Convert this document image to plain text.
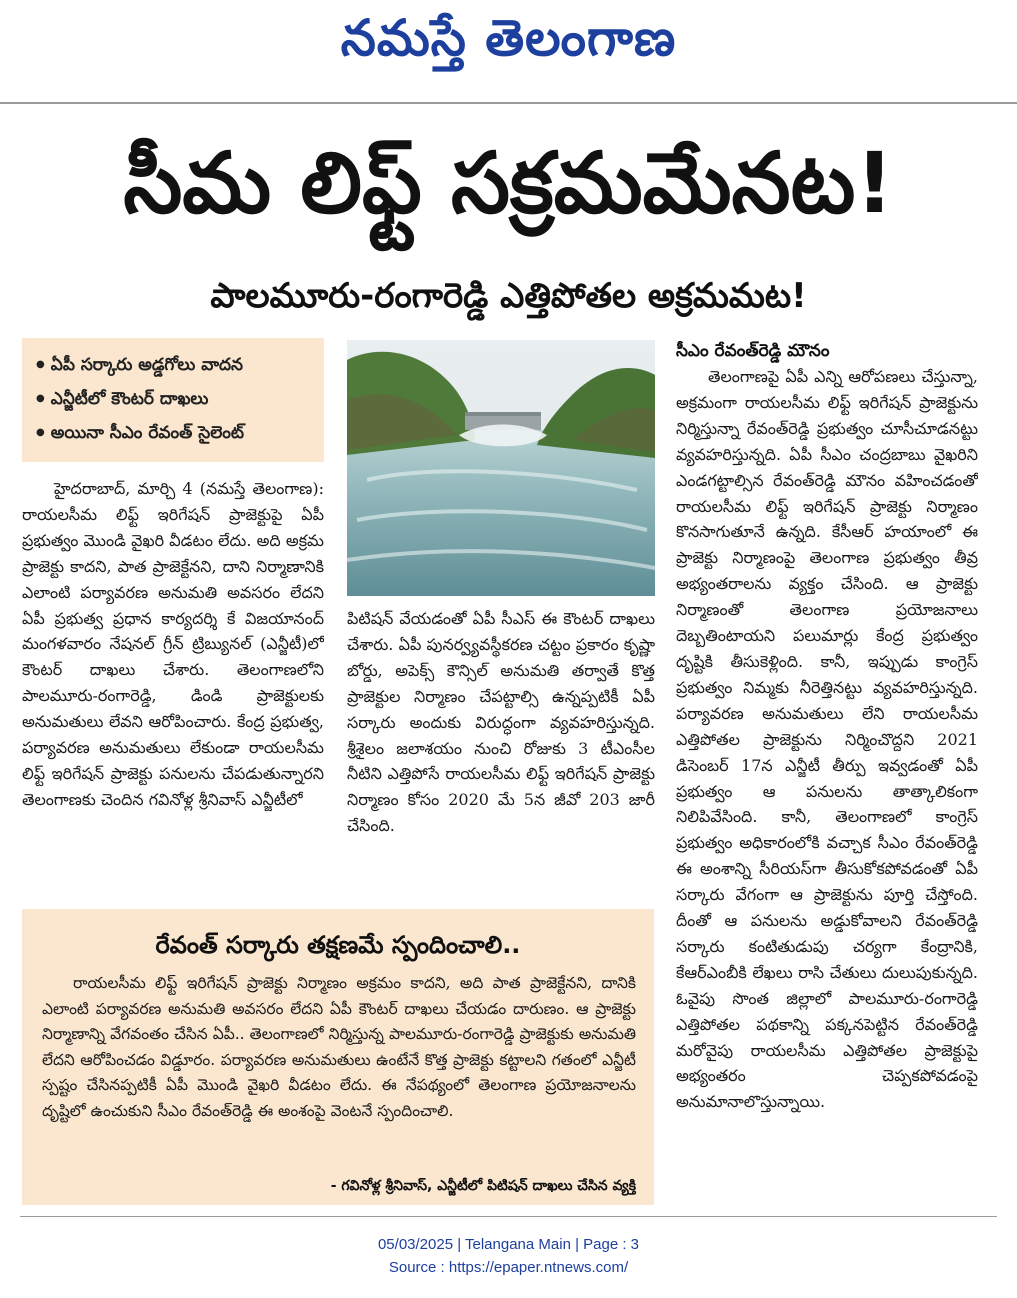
నమస్తే తెలంగాణ
సీమ లిఫ్ట్ సక్రమమేనట!
పాలమూరు-రంగారెడ్డి ఎత్తిపోతల అక్రమమట!
● ఏపీ సర్కారు అడ్డగోలు వాదన
● ఎన్జీటీలో కౌంటర్ దాఖలు
● అయినా సీఎం రేవంత్ సైలెంట్

హైదరాబాద్, మార్చి 4 (నమస్తే తెలంగాణ): రాయలసీమ లిఫ్ట్ ఇరిగేషన్ ప్రాజెక్టుపై ఏపీ ప్రభుత్వం మొండి వైఖరి వీడటం లేదు. అది అక్రమ ప్రాజెక్టు కాదని, పాత ప్రాజెక్టేనని, దాని నిర్మాణానికి ఎలాంటి పర్యావరణ అనుమతి అవసరం లేదని ఏపీ ప్రభుత్వ ప్రధాన కార్యదర్శి కే విజయానంద్ మంగళవారం నేషనల్ గ్రీన్ ట్రిబ్యునల్ (ఎన్జీటీ)లో కౌంటర్ దాఖలు చేశారు. తెలంగాణలోని పాలమూరు-రంగారెడ్డి, డిండి ప్రాజెక్టులకు అనుమతులు లేవని ఆరోపించారు. కేంద్ర ప్రభుత్వ, పర్యావరణ అనుమతులు లేకుండా రాయలసీమ లిఫ్ట్ ఇరిగేషన్ ప్రాజెక్టు పనులను చేపడుతున్నారని తెలంగాణకు చెందిన గవినోళ్ల శ్రీనివాస్ ఎన్జీటీలో

పిటిషన్ వేయడంతో ఏపీ సీఎస్ ఈ కౌంటర్ దాఖలు చేశారు. ఏపీ పునర్వ్యవస్థీకరణ చట్టం ప్రకారం కృష్ణా బోర్డు, అపెక్స్ కౌన్సిల్ అనుమతి తర్వాతే కొత్త ప్రాజెక్టుల నిర్మాణం చేపట్టాల్సి ఉన్నప్పటికీ ఏపీ సర్కారు అందుకు విరుద్ధంగా వ్యవహరిస్తున్నది. శ్రీశైలం జలాశయం నుంచి రోజుకు 3 టీఎంసీల నీటిని ఎత్తిపోసే రాయలసీమ లిఫ్ట్ ఇరిగేషన్ ప్రాజెక్టు నిర్మాణం కోసం 2020 మే 5న జీవో 203 జారీ చేసింది.

సీఎం రేవంత్‌రెడ్డి మౌనం

తెలంగాణపై ఏపీ ఎన్ని ఆరోపణలు చేస్తున్నా, అక్రమంగా రాయలసీమ లిఫ్ట్ ఇరిగేషన్ ప్రాజెక్టును నిర్మిస్తున్నా రేవంత్‌రెడ్డి ప్రభుత్వం చూసీచూడనట్టు వ్యవహరిస్తున్నది. ఏపీ సీఎం చంద్రబాబు వైఖరిని ఎండగట్టాల్సిన రేవంత్‌రెడ్డి మౌనం వహించడంతో రాయలసీమ లిఫ్ట్ ఇరిగేషన్ ప్రాజెక్టు నిర్మాణం కొనసాగుతూనే ఉన్నది. కేసీఆర్ హయాంలో ఈ ప్రాజెక్టు నిర్మాణంపై తెలంగాణ ప్రభుత్వం తీవ్ర అభ్యంతరాలను వ్యక్తం చేసింది. ఆ ప్రాజెక్టు నిర్మాణంతో తెలంగాణ ప్రయోజనాలు దెబ్బతింటాయని పలుమార్లు కేంద్ర ప్రభుత్వం దృష్టికి తీసుకెళ్లింది. కానీ, ఇప్పుడు కాంగ్రెస్ ప్రభుత్వం నిమ్మకు నీరెత్తినట్టు వ్యవహరిస్తున్నది. పర్యావరణ అనుమతులు లేని రాయలసీమ ఎత్తిపోతల ప్రాజెక్టును నిర్మించొద్దని 2021 డిసెంబర్ 17న ఎన్జీటీ తీర్పు ఇవ్వడంతో ఏపీ ప్రభుత్వం ఆ పనులను తాత్కాలికంగా నిలిపివేసింది. కానీ, తెలంగాణలో కాంగ్రెస్ ప్రభుత్వం అధికారంలోకి వచ్చాక సీఎం రేవంత్‌రెడ్డి ఈ అంశాన్ని సీరియస్‌గా తీసుకోకపోవడంతో ఏపీ సర్కారు వేగంగా ఆ ప్రాజెక్టును పూర్తి చేస్తోంది. దీంతో ఆ పనులను అడ్డుకోవాలని రేవంత్‌రెడ్డి సర్కారు కంటితుడుపు చర్యగా కేంద్రానికి, కేఆర్‌ఎంబీకి లేఖలు రాసి చేతులు దులుపుకున్నది. ఓవైపు సొంత జిల్లాలో పాలమూరు-రంగారెడ్డి ఎత్తిపోతల పథకాన్ని పక్కనపెట్టిన రేవంత్‌రెడ్డి మరోవైపు రాయలసీమ ఎత్తిపోతల ప్రాజెక్టుపై అభ్యంతరం చెప్పకపోవడంపై అనుమానాలొస్తున్నాయి.

రేవంత్ సర్కారు తక్షణమే స్పందించాలి..

రాయలసీమ లిఫ్ట్ ఇరిగేషన్ ప్రాజెక్టు నిర్మాణం అక్రమం కాదని, అది పాత ప్రాజెక్టేనని, దానికి ఎలాంటి పర్యావరణ అనుమతి అవసరం లేదని ఏపీ కౌంటర్ దాఖలు చేయడం దారుణం. ఆ ప్రాజెక్టు నిర్మాణాన్ని వేగవంతం చేసిన ఏపీ.. తెలంగాణలో నిర్మిస్తున్న పాలమూరు-రంగారెడ్డి ప్రాజెక్టుకు అనుమతి లేదని ఆరోపించడం విడ్డూరం. పర్యావరణ అనుమతులు ఉంటేనే కొత్త ప్రాజెక్టు కట్టాలని గతంలో ఎన్జీటీ స్పష్టం చేసినప్పటికీ ఏపీ మొండి వైఖరి వీడటం లేదు. ఈ నేపథ్యంలో తెలంగాణ ప్రయోజనాలను దృష్టిలో ఉంచుకుని సీఎం రేవంత్‌రెడ్డి ఈ అంశంపై వెంటనే స్పందించాలి.

- గవినోళ్ల శ్రీనివాస్, ఎన్జీటీలో పిటిషన్ దాఖలు చేసిన వ్యక్తి
05/03/2025 | Telangana Main | Page : 3
Source : https://epaper.ntnews.com/
